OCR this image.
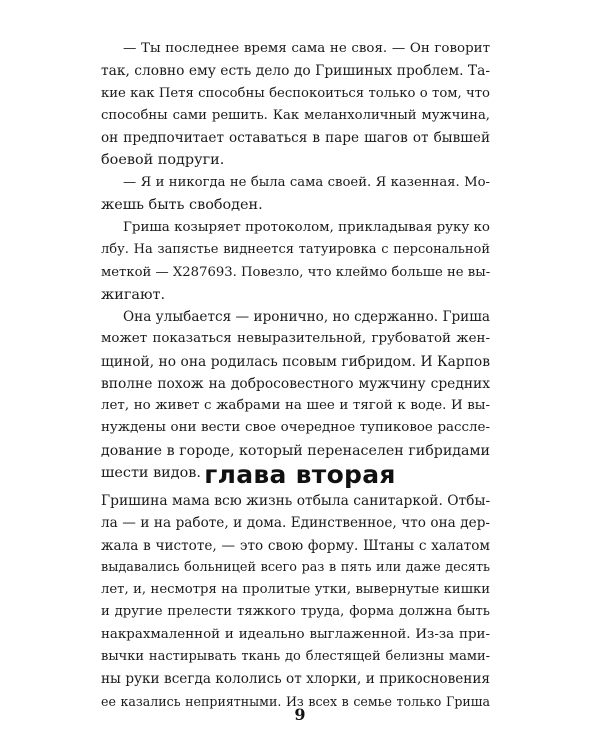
— Ты последнее время сама не своя. — Он говорит
так, словно ему есть дело до Гришиных проблем. Та-
кие как Петя способны беспокоиться только о том, что
способны сами решить. Как меланхоличный мужчина,
он предпочитает оставаться в паре шагов от бывшей
боевой подруги.
— Я и никогда не была сама своей. Я казенная. Мо-
жешь быть свободен.
Гриша козыряет протоколом, прикладывая руку ко
лбу. На запястье виднеется татуировка с персональной
меткой — X287693. Повезло, что клеймо больше не вы-
жигают.
Она улыбается — иронично, но сдержанно. Гриша
может показаться невыразительной, грубоватой жен-
щиной, но она родилась псовым гибридом. И Карпов
вполне похож на добросовестного мужчину средних
лет, но живет с жабрами на шее и тягой к воде. И вы-
нуждены они вести свое очередное тупиковое рассле-
дование в городе, который перенаселен гибридами
шести видов. глава вторая
Гришина мама всю жизнь отбыла санитаркой. Отбы-
ла — и на работе, и дома. Единственное, что она дер-
жала в чистоте, — это свою форму. Штаны с халатом
выдавались больницей всего раз в пять или даже десять
лет, и, несмотря на пролитые утки, вывернутые кишки
и другие прелести тяжкого труда, форма должна быть
накрахмаленной и идеально выглаженной. Из-за при-
вычки настирывать ткань до блестящей белизны мами-
ны руки всегда кололись от хлорки, и прикосновения
ее казались неприятными. Из всех в семье только Гриша
9
